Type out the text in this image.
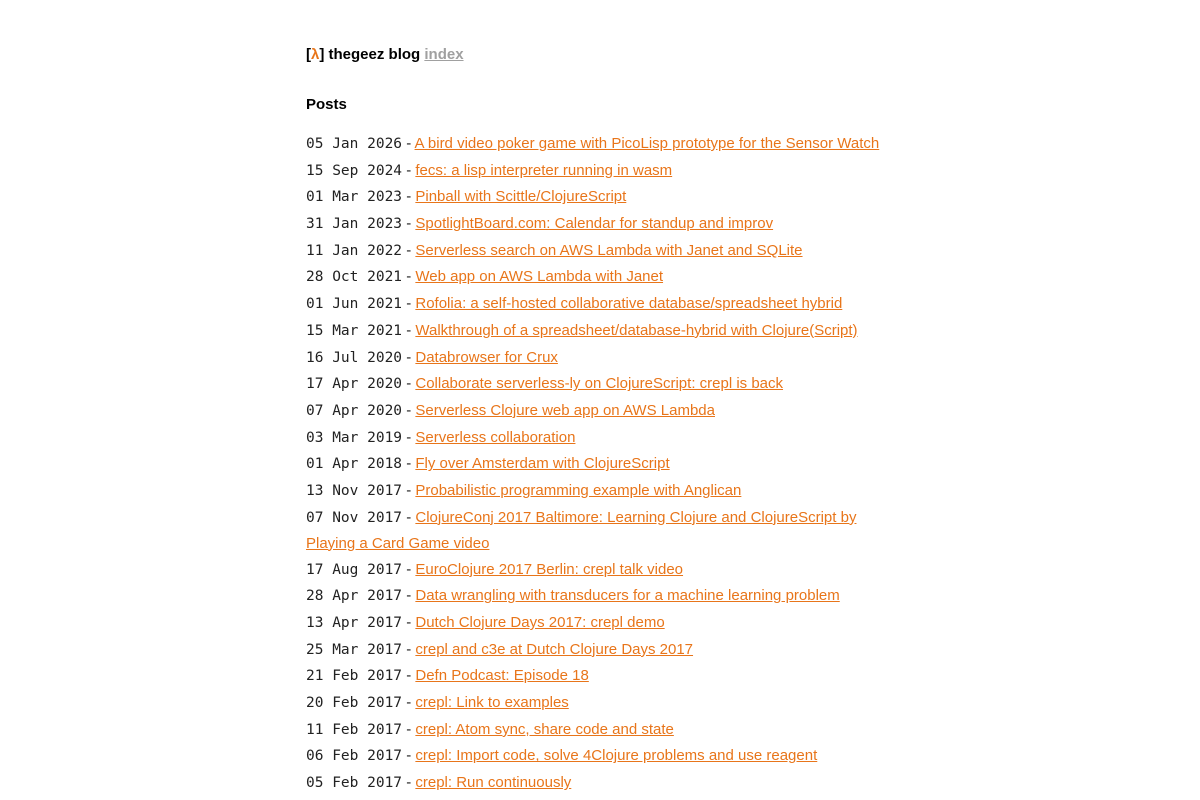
[λ] thegeez blog index
Posts
05 Jan 2026 - A bird video poker game with PicoLisp prototype for the Sensor Watch
15 Sep 2024 - fecs: a lisp interpreter running in wasm
01 Mar 2023 - Pinball with Scittle/ClojureScript
31 Jan 2023 - SpotlightBoard.com: Calendar for standup and improv
11 Jan 2022 - Serverless search on AWS Lambda with Janet and SQLite
28 Oct 2021 - Web app on AWS Lambda with Janet
01 Jun 2021 - Rofolia: a self-hosted collaborative database/spreadsheet hybrid
15 Mar 2021 - Walkthrough of a spreadsheet/database-hybrid with Clojure(Script)
16 Jul 2020 - Databrowser for Crux
17 Apr 2020 - Collaborate serverless-ly on ClojureScript: crepl is back
07 Apr 2020 - Serverless Clojure web app on AWS Lambda
03 Mar 2019 - Serverless collaboration
01 Apr 2018 - Fly over Amsterdam with ClojureScript
13 Nov 2017 - Probabilistic programming example with Anglican
07 Nov 2017 - ClojureConj 2017 Baltimore: Learning Clojure and ClojureScript by Playing a Card Game video
17 Aug 2017 - EuroClojure 2017 Berlin: crepl talk video
28 Apr 2017 - Data wrangling with transducers for a machine learning problem
13 Apr 2017 - Dutch Clojure Days 2017: crepl demo
25 Mar 2017 - crepl and c3e at Dutch Clojure Days 2017
21 Feb 2017 - Defn Podcast: Episode 18
20 Feb 2017 - crepl: Link to examples
11 Feb 2017 - crepl: Atom sync, share code and state
06 Feb 2017 - crepl: Import code, solve 4Clojure problems and use reagent
05 Feb 2017 - crepl: Run continuously
